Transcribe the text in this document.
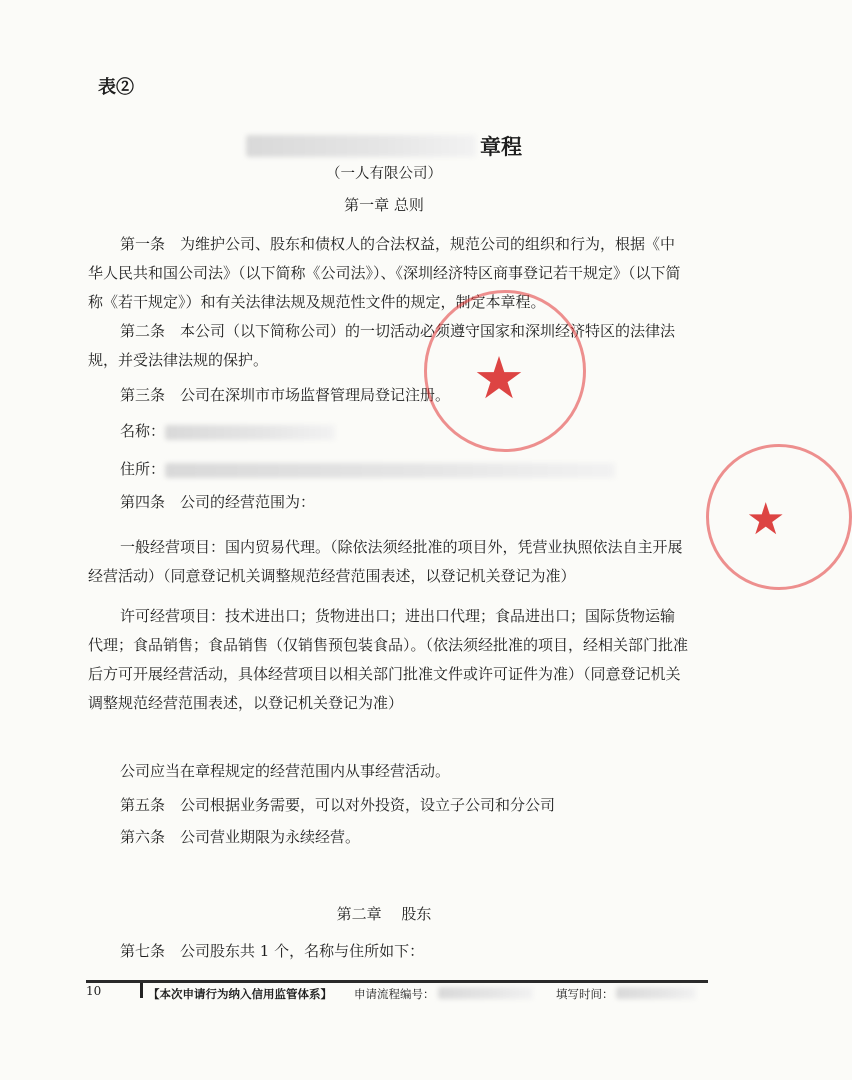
表②
章程
（一人有限公司）
第一章 总则
第一条　为维护公司、股东和债权人的合法权益，规范公司的组织和行为，根据《中华人民共和国公司法》（以下简称《公司法》）、《深圳经济特区商事登记若干规定》（以下简称《若干规定》）和有关法律法规及规范性文件的规定，制定本章程。
第二条　本公司（以下简称公司）的一切活动必须遵守国家和深圳经济特区的法律法规，并受法律法规的保护。
第三条　公司在深圳市市场监督管理局登记注册。
名称：
住所：
第四条　公司的经营范围为：
一般经营项目：国内贸易代理。（除依法须经批准的项目外，凭营业执照依法自主开展经营活动）（同意登记机关调整规范经营范围表述，以登记机关登记为准）
许可经营项目：技术进出口；货物进出口；进出口代理；食品进出口；国际货物运输代理；食品销售；食品销售（仅销售预包装食品）。（依法须经批准的项目，经相关部门批准后方可开展经营活动，具体经营项目以相关部门批准文件或许可证件为准）（同意登记机关调整规范经营范围表述，以登记机关登记为准）
公司应当在章程规定的经营范围内从事经营活动。
第五条　公司根据业务需要，可以对外投资，设立子公司和分公司
第六条　公司营业期限为永续经营。
第二章　 股东
第七条　公司股东共 1 个，名称与住所如下：
★
★
10	【本次申请行为纳入信用监管体系】 申请流程编号：	填写时间：
